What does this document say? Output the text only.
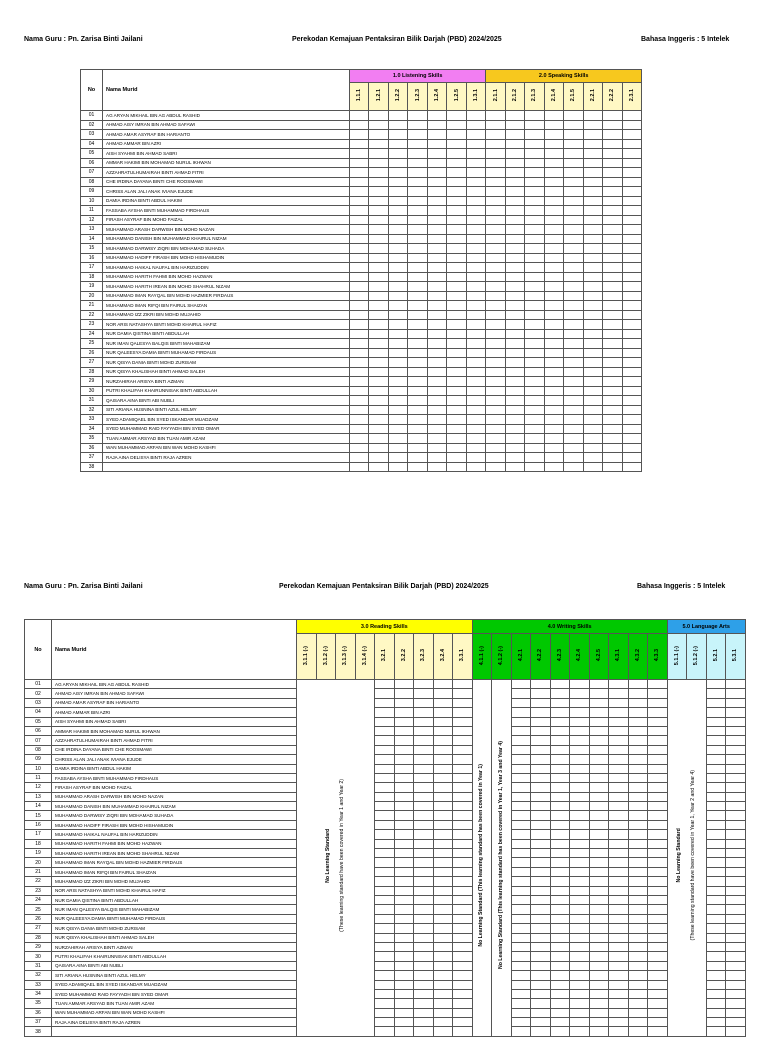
Nama Guru : Pn. Zarisa Binti Jailani	Perekodan Kemajuan Pentaksiran Bilik Darjah (PBD) 2024/2025	Bahasa Inggeris : 5 Intelek
No	Nama Murid	1.0 Listening Skills							2.0 Speaking Skills							
		1.1.1	1.2.1	1.2.2	1.2.3	1.2.4	1.2.5	1.3.1	2.1.1	2.1.2	2.1.3	2.1.4	2.1.5	2.2.1	2.2.2	2.3.1
01	AG ARYAN MIKHAIL BIN AG ABDUL RASHID															
02	AHMAD AISY IMRAN BIN AHMAD SAFAWI															
03	AHMAD AMAR ASYRAF BIN HARIANTO															
04	AHMAD AMMAR BIN AZRI															
05	AISH SYAHMI BIN AHMAD SABRI															
06	AMMAR HAKIMI BIN MOHAMAD NURUL IKHWAN															
07	AZZAHRATULHUMAIRAH BINTI AHMAD FITRI															
08	CHE IRDINA DAYANA BINTI CHE ROOSMAWI															
09	CHRISS ALAN JALI ANAK IVIANA EJUDE															
10	DAMIA IRDINA BINTI ABDUL HAKIM															
11	FASSABA AYSHA BINTI MUHAMMAD FIRDHAUS															
12	FIRASH ASYRAF BIN MOHD FAIZAL															
13	MUHAMMAD ARASH DARWISH BIN MOHD NAZAN															
14	MUHAMMAD DANISH BIN MUHAMMAD KHAIRUL NIZAM															
15	MUHAMMAD DARWISY ZIQRI BIN MOHAMAD SUHADA															
16	MUHAMMAD HADIFF FIRASH BIN MOHD HISHAMUDIN															
17	MUHAMMAD HAIKAL NAUFAL BIN HARIZUDDIN															
18	MUHAMMAD HARITH FAHMI BIN MOHD HAZWAN															
19	MUHAMMAD HARITH IREAN BIN MOHD SHAHRUL NIZAM															
20	MUHAMMAD IMAN RAYQAL BIN MOHD HAZMIER FIRDAUS															
21	MUHAMMAD IMAN RIFQI BIN FAIRUL SHAIZAN															
22	MUHAMMAD IZZ ZIKRI BIN MOHD MUJAHID															
23	NOR ARIS NATASHYA BINTI MOHD KHAIRUL HAFIZ															
24	NUR DAMIA QISTINA BINTI ABDULLAH															
25	NUR IMAN QALESYA BALQIS BINTI MAHABIZAM															
26	NUR QALEESYA DAMIA BINTI MUHAMAD FIRDAUS															
27	NUR QISYA DANIA BINTI MOHD ZURISAM															
28	NUR QISYA KHALISHAH BINTI AHMAD SALEH															
29	NURZAHIRAH ARISYA BINTI AZMAN															
30	PUTRI KHALIFAH KHAIRUNNISAK BINTI ABDULLAH															
31	QAISARA AINA BINTI ABI NUBLI															
32	SITI ARIANA HUSNINA BINTI AZUL HELMY															
33	SYED ADAMIQAEL BIN SYED ISKANDAR MUADZAM															
34	SYED MUHAMMAD RAID FAYYADH BIN SYED OMAR															
35	TUAN AMMAR ARSYAD BIN TUAN AMIR AZAM															
36	WAN MUHAMMAD ARFAN BIN WAN MOHD KASHFI															
37	RAJA AINA DELISYA BINTI RAJA AZREN															
38																
Nama Guru : Pn. Zarisa Binti Jailani	Perekodan Kemajuan Pentaksiran Bilik Darjah (PBD) 2024/2025	Bahasa Inggeris : 5 Intelek
No	Nama Murid	3.0 Reading Skills									4.0 Writing Skills										5.0 Language Arts			
		3.1.1 (-)	3.1.2 (-)	3.1.3 (-)	3.1.4 (-)	3.2.1	3.2.2	3.2.3	3.2.4	3.3.1	4.1.1 (-)	4.1.2 (-)	4.2.1	4.2.2	4.2.3	4.2.4	4.2.5	4.3.1	4.3.2	4.3.3	5.1.1 (-)	5.1.2 (-)	5.2.1	5.3.1
01	AG ARYAN MIKHAIL BIN AG ABDUL RASHID	No Learning Standard (These learning standard have been covered in Year 1 and Year 2)									No Learning Standard (This learning standard has been covered in Year 1)	No Learning Standard (This learning standard has been covered in Year 1, Year 3 and Year 4)									No Learning Standard (These learning standard have been covered in Year 1, Year 2 and Year 4)			
02	AHMAD AISY IMRAN BIN AHMAD SAFAWI																							
03	AHMAD AMAR ASYRAF BIN HARIANTO																							
04	AHMAD AMMAR BIN AZRI																							
05	AISH SYAHMI BIN AHMAD SABRI																							
06	AMMAR HAKIMI BIN MOHAMAD NURUL IKHWAN																							
07	AZZAHRATULHUMAIRAH BINTI AHMAD FITRI																							
08	CHE IRDINA DAYANA BINTI CHE ROOSMAWI																							
09	CHRISS ALAN JALI ANAK IVIANA EJUDE																							
10	DAMIA IRDINA BINTI ABDUL HAKIM																							
11	FASSABA AYSHA BINTI MUHAMMAD FIRDHAUS																							
12	FIRASH ASYRAF BIN MOHD FAIZAL																							
13	MUHAMMAD ARASH DARWISH BIN MOHD NAZAN																							
14	MUHAMMAD DANISH BIN MUHAMMAD KHAIRUL NIZAM																							
15	MUHAMMAD DARWISY ZIQRI BIN MOHAMAD SUHADA																							
16	MUHAMMAD HADIFF FIRASH BIN MOHD HISHAMUDIN																							
17	MUHAMMAD HAIKAL NAUFAL BIN HARIZUDDIN																							
18	MUHAMMAD HARITH FAHMI BIN MOHD HAZWAN																							
19	MUHAMMAD HARITH IREAN BIN MOHD SHAHRUL NIZAM																							
20	MUHAMMAD IMAN RAYQAL BIN MOHD HAZMIER FIRDAUS																							
21	MUHAMMAD IMAN RIFQI BIN FAIRUL SHAIZAN																							
22	MUHAMMAD IZZ ZIKRI BIN MOHD MUJAHID																							
23	NOR ARIS NATASHYA BINTI MOHD KHAIRUL HAFIZ																							
24	NUR DAMIA QISTINA BINTI ABDULLAH																							
25	NUR IMAN QALESYA BALQIS BINTI MAHABIZAM																							
26	NUR QALEESYA DAMIA BINTI MUHAMAD FIRDAUS																							
27	NUR QISYA DANIA BINTI MOHD ZURISAM																							
28	NUR QISYA KHALISHAH BINTI AHMAD SALEH																							
29	NURZAHIRAH ARISYA BINTI AZMAN																							
30	PUTRI KHALIFAH KHAIRUNNISAK BINTI ABDULLAH																							
31	QAISARA AINA BINTI ABI NUBLI																							
32	SITI ARIANA HUSNINA BINTI AZUL HELMY																							
33	SYED ADAMIQAEL BIN SYED ISKANDAR MUADZAM																							
34	SYED MUHAMMAD RAID FAYYADH BIN SYED OMAR																							
35	TUAN AMMAR ARSYAD BIN TUAN AMIR AZAM																							
36	WAN MUHAMMAD ARFAN BIN WAN MOHD KASHFI																							
37	RAJA AINA DELISYA BINTI RAJA AZREN																							
38																								
